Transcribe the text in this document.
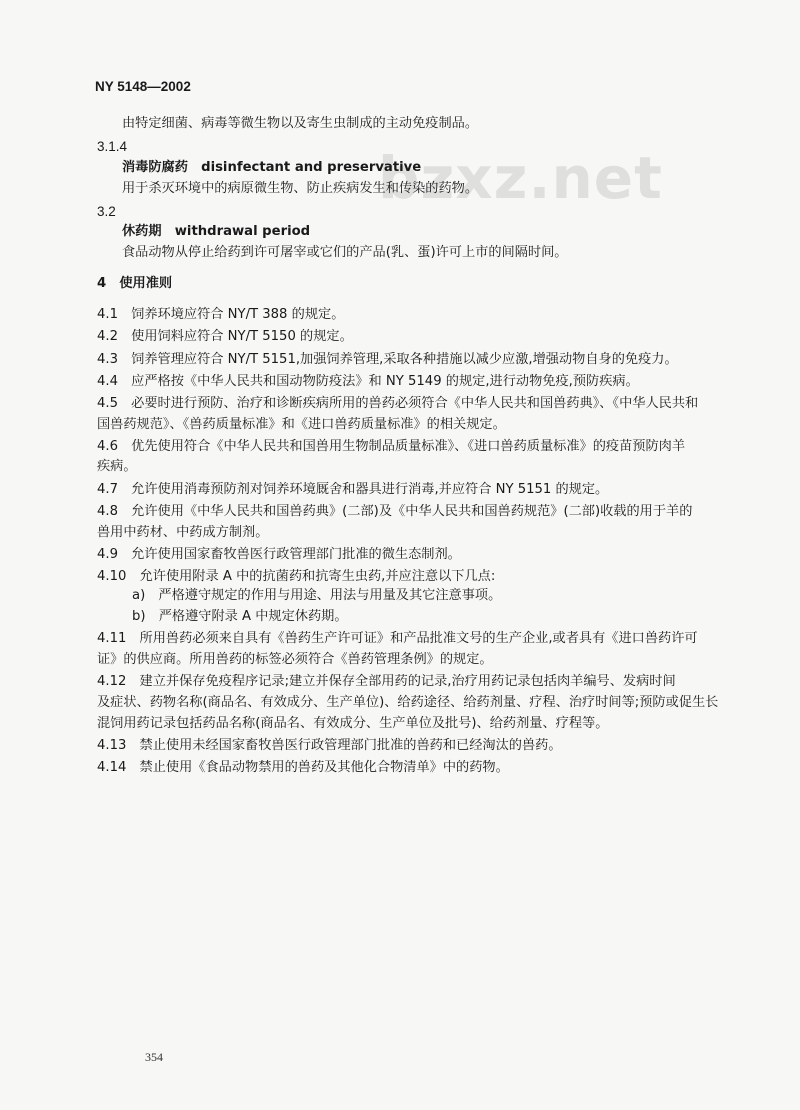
NY 5148—2002
bzxz.net
由特定细菌、病毒等微生物以及寄生虫制成的主动免疫制品。
3.1.4
消毒防腐药　disinfectant and preservative
用于杀灭环境中的病原微生物、防止疾病发生和传染的药物。
3.2
休药期　withdrawal period
食品动物从停止给药到许可屠宰或它们的产品(乳、蛋)许可上市的间隔时间。
4　使用准则
4.1　饲养环境应符合 NY/T 388 的规定。
4.2　使用饲料应符合 NY/T 5150 的规定。
4.3　饲养管理应符合 NY/T 5151,加强饲养管理,采取各种措施以减少应激,增强动物自身的免疫力。
4.4　应严格按《中华人民共和国动物防疫法》和 NY 5149 的规定,进行动物免疫,预防疾病。
4.5　必要时进行预防、治疗和诊断疾病所用的兽药必须符合《中华人民共和国兽药典》、《中华人民共和
国兽药规范》、《兽药质量标准》和《进口兽药质量标准》的相关规定。
4.6　优先使用符合《中华人民共和国兽用生物制品质量标准》、《进口兽药质量标准》的疫苗预防肉羊
疾病。
4.7　允许使用消毒预防剂对饲养环境厩舍和器具进行消毒,并应符合 NY 5151 的规定。
4.8　允许使用《中华人民共和国兽药典》(二部)及《中华人民共和国兽药规范》(二部)收载的用于羊的
兽用中药材、中药成方制剂。
4.9　允许使用国家畜牧兽医行政管理部门批准的微生态制剂。
4.10　允许使用附录 A 中的抗菌药和抗寄生虫药,并应注意以下几点:
a)　严格遵守规定的作用与用途、用法与用量及其它注意事项。
b)　严格遵守附录 A 中规定休药期。
4.11　所用兽药必须来自具有《兽药生产许可证》和产品批准文号的生产企业,或者具有《进口兽药许可
证》的供应商。所用兽药的标签必须符合《兽药管理条例》的规定。
4.12　建立并保存免疫程序记录;建立并保存全部用药的记录,治疗用药记录包括肉羊编号、发病时间
及症状、药物名称(商品名、有效成分、生产单位)、给药途径、给药剂量、疗程、治疗时间等;预防或促生长
混饲用药记录包括药品名称(商品名、有效成分、生产单位及批号)、给药剂量、疗程等。
4.13　禁止使用未经国家畜牧兽医行政管理部门批准的兽药和已经淘汰的兽药。
4.14　禁止使用《食品动物禁用的兽药及其他化合物清单》中的药物。
354
